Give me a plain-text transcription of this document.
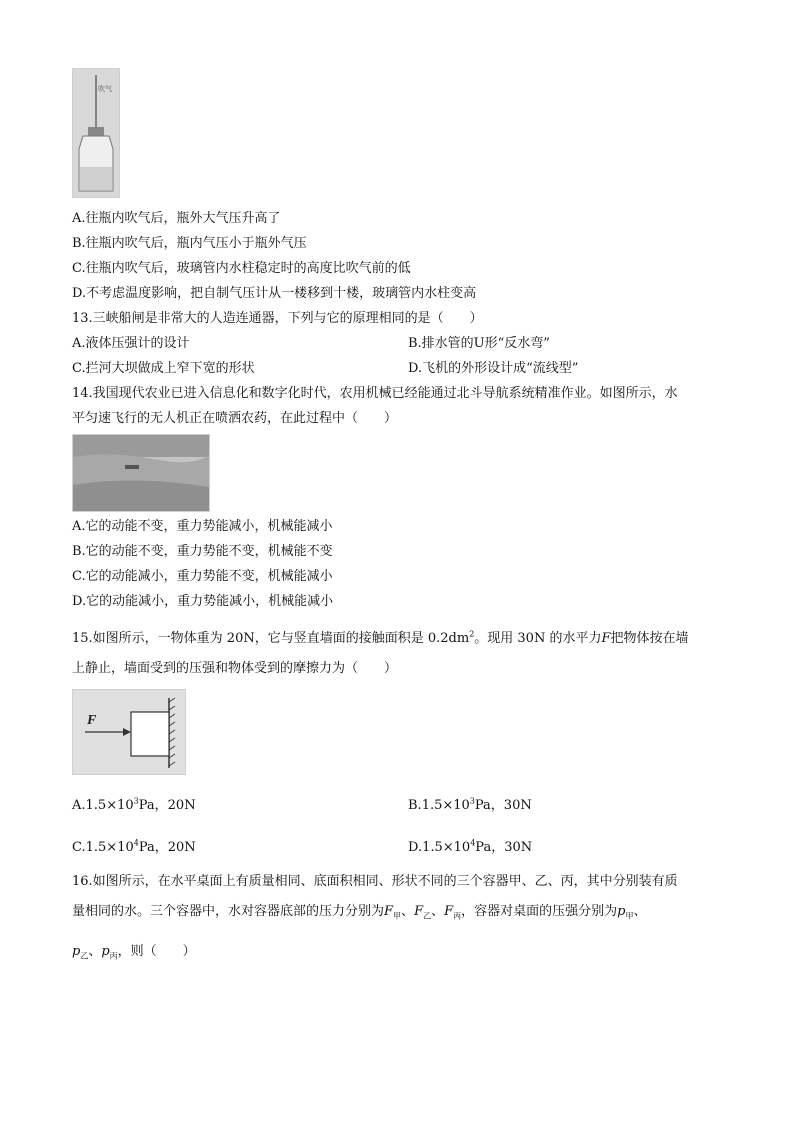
吹气
A.往瓶内吹气后，瓶外大气压升高了
B.往瓶内吹气后，瓶内气压小于瓶外气压
C.往瓶内吹气后，玻璃管内水柱稳定时的高度比吹气前的低
D.不考虑温度影响，把自制气压计从一楼移到十楼，玻璃管内水柱变高
13.三峡船闸是非常大的人造连通器，下列与它的原理相同的是（　　）
A.液体压强计的设计	B.排水管的U形“反水弯”
C.拦河大坝做成上窄下宽的形状	D.飞机的外形设计成“流线型”
14.我国现代农业已进入信息化和数字化时代，农用机械已经能通过北斗导航系统精准作业。如图所示，水
平匀速飞行的无人机正在喷洒农药，在此过程中（　　）
A.它的动能不变，重力势能减小，机械能减小
B.它的动能不变，重力势能不变，机械能不变
C.它的动能减小，重力势能不变，机械能减小
D.它的动能减小，重力势能减小，机械能减小
15.如图所示，一物体重为 20N，它与竖直墙面的接触面积是 $0.2dm^2$。现用 30N 的水平力F把物体按在墙
上静止，墙面受到的压强和物体受到的摩擦力为（　　）
F
$A.1.5\times 10^3Pa$，20N	$B.1.5\times 10^3Pa$，30N
$C.1.5\times 10^4Pa$，20N	$D.1.5\times 10^4Pa$，30N
16.如图所示，在水平桌面上有质量相同、底面积相同、形状不同的三个容器甲、乙、丙，其中分别装有质
量相同的水。三个容器中，水对容器底部的压力分别为$F_甲$、$F_乙$、$F_丙$，容器对桌面的压强分别为$p_甲$、
$p_乙$、$p_丙$，则（　　）
